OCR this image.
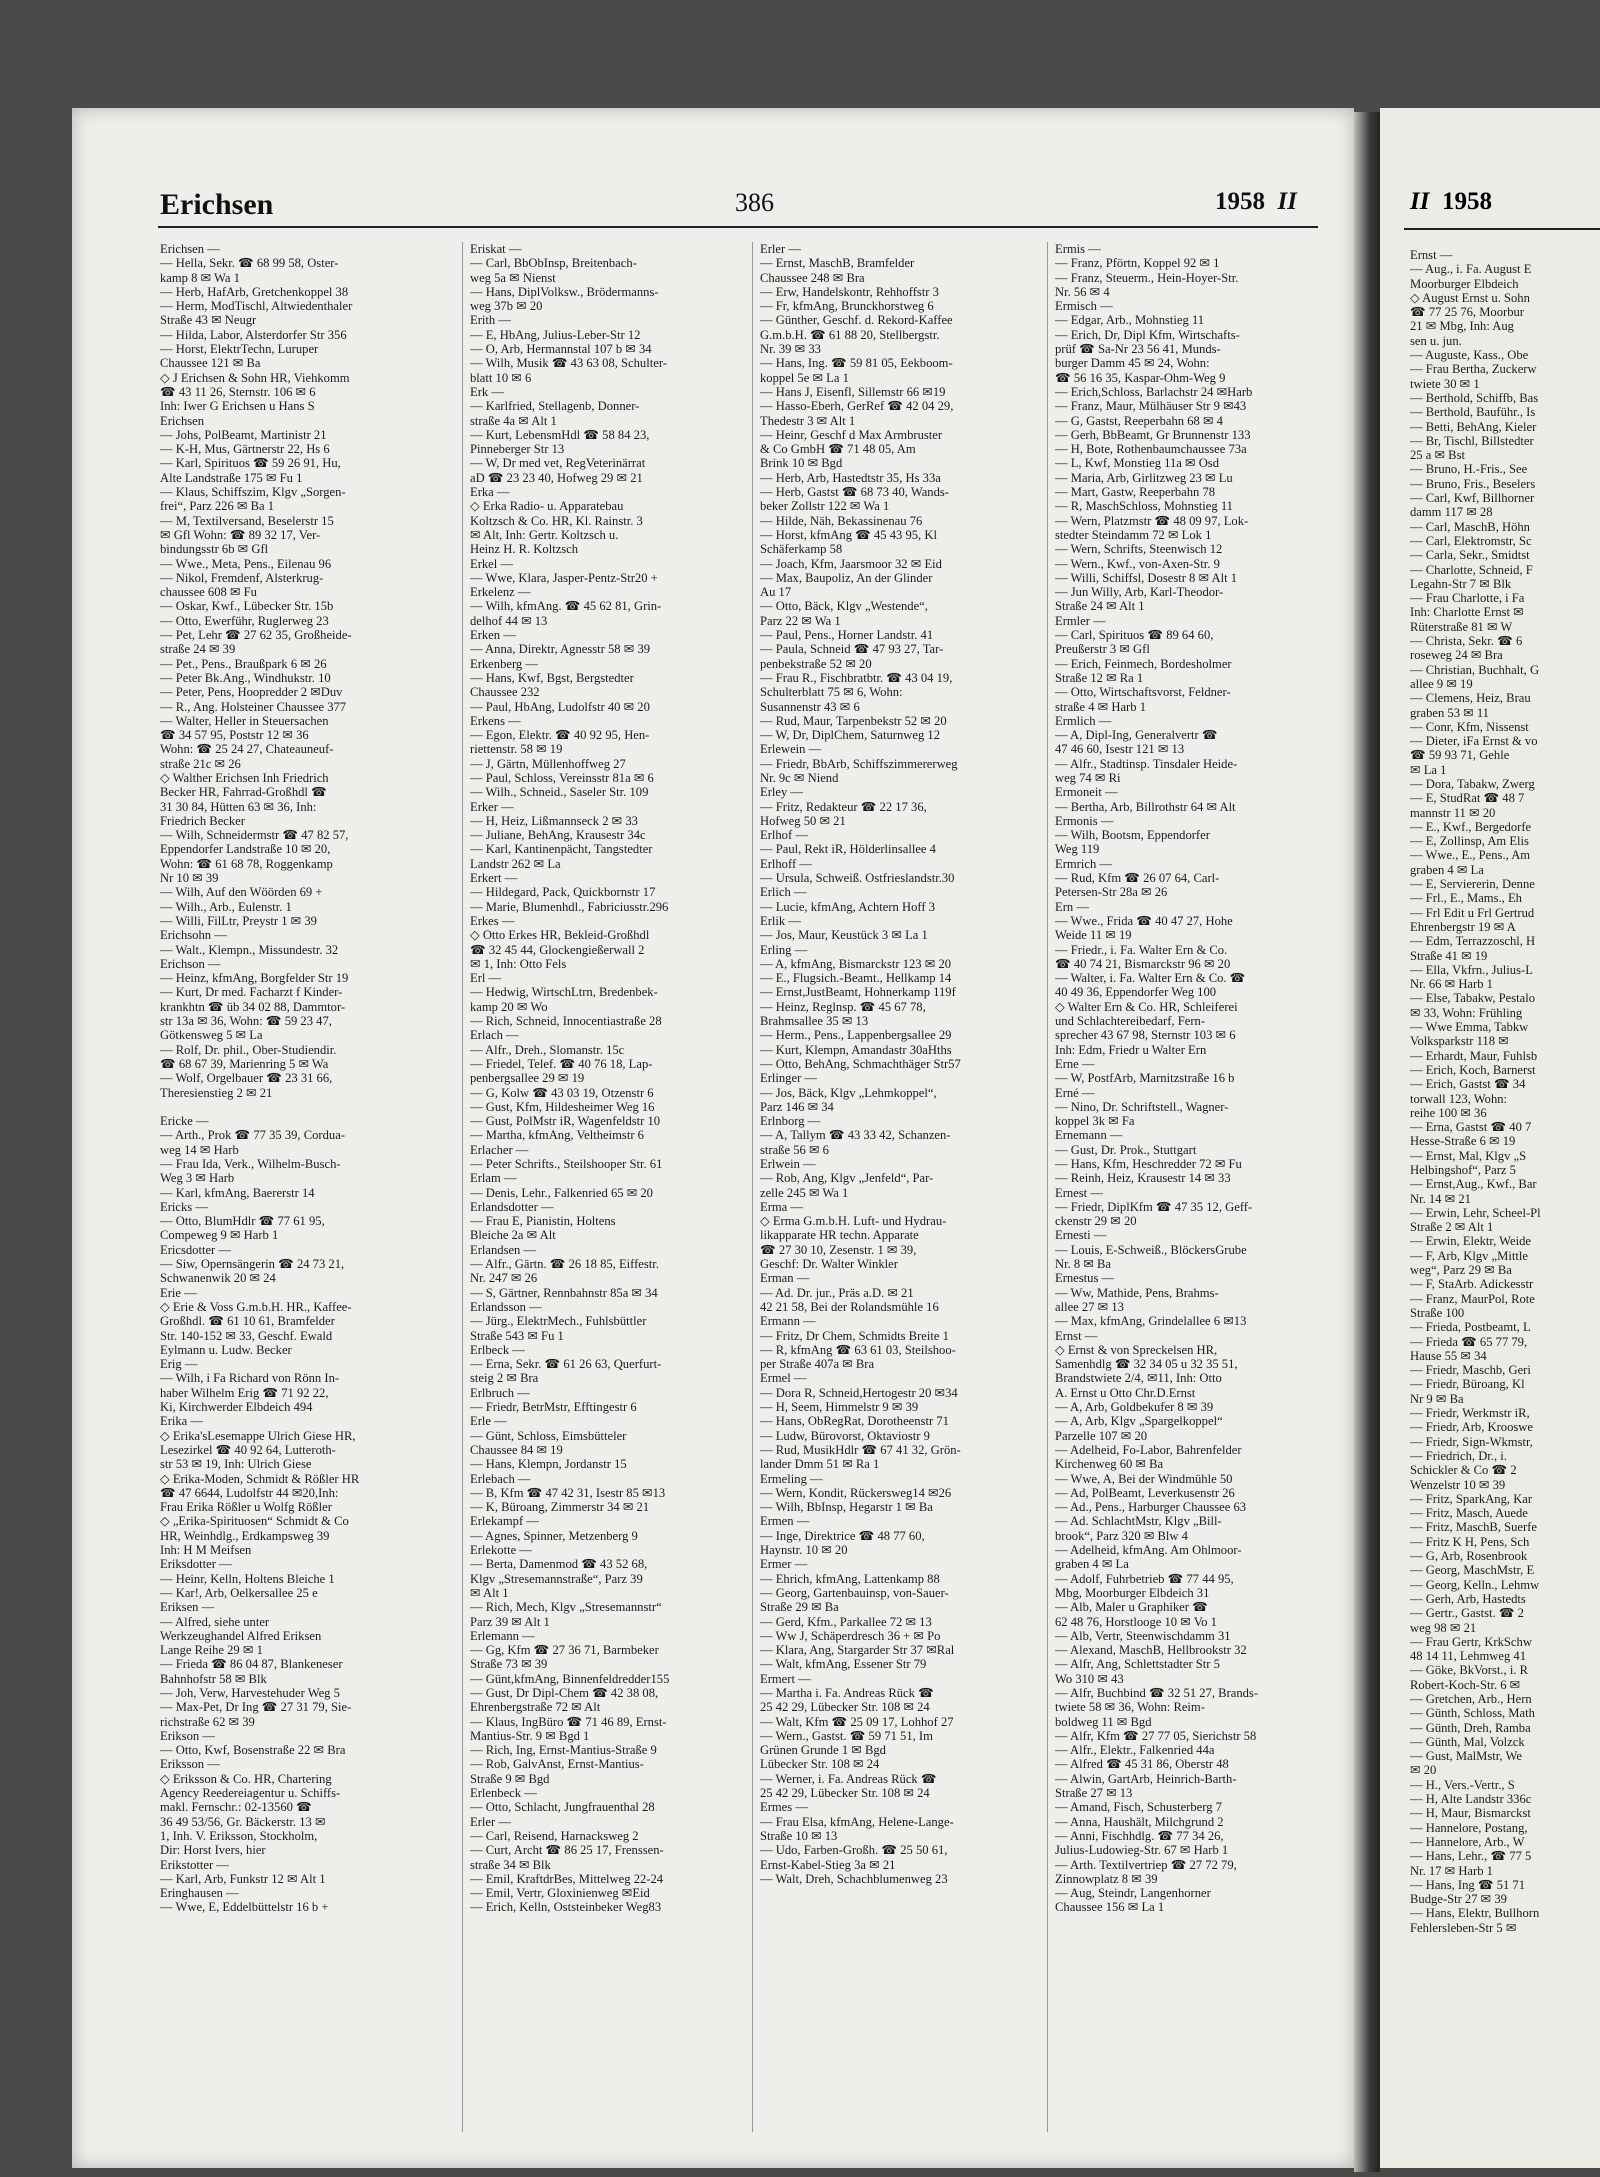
II 1958
Ernst —
— Aug., i. Fa. August E
Moorburger Elbdeich
◇ August Ernst u. Sohn
☎ 77 25 76, Moorbur
21 ✉ Mbg, Inh: Aug
sen u. jun.
— Auguste, Kass., Obe
— Frau Bertha, Zuckerw
twiete 30 ✉ 1
— Berthold, Schiffb, Bas
— Berthold, Bauführ., Is
— Betti, BehAng, Kieler
— Br, Tischl, Billstedter
25 a ✉ Bst
— Bruno, H.-Fris., See
— Bruno, Fris., Beselers
— Carl, Kwf, Billhorner
damm 117 ✉ 28
— Carl, MaschB, Höhn
— Carl, Elektromstr, Sc
— Carla, Sekr., Smidtst
— Charlotte, Schneid, F
Legahn-Str 7 ✉ Blk
— Frau Charlotte, i Fa
Inh: Charlotte Ernst ✉
Rüterstraße 81 ✉ W
— Christa, Sekr. ☎ 6
roseweg 24 ✉ Bra
— Christian, Buchhalt, G
allee 9 ✉ 19
— Clemens, Heiz, Brau
graben 53 ✉ 11
— Conr, Kfm, Nissenst
— Dieter, iFa Ernst & vo
☎ 59 93 71, Gehle
✉ La 1
— Dora, Tabakw, Zwerg
— E, StudRat ☎ 48 7
mannstr 11 ✉ 20
— E., Kwf., Bergedorfe
— E, Zollinsp, Am Elis
— Wwe., E., Pens., Am
graben 4 ✉ La
— E, Serviererin, Denne
— Frl., E., Mams., Eh
— Frl Edit u Frl Gertrud
Ehrenbergstr 19 ✉ A
— Edm, Terrazzoschl, H
Straße 41 ✉ 19
— Ella, Vkfrn., Julius-L
Nr. 66 ✉ Harb 1
— Else, Tabakw, Pestalo
✉ 33, Wohn: Frühling
— Wwe Emma, Tabkw
Volksparkstr 118 ✉
— Erhardt, Maur, Fuhlsb
— Erich, Koch, Barnerst
— Erich, Gastst ☎ 34
torwall 123, Wohn:
reihe 100 ✉ 36
— Erna, Gastst ☎ 40 7
Hesse-Straße 6 ✉ 19
— Ernst, Mal, Klgv „S
Helbingshof“, Parz 5
— Ernst,Aug., Kwf., Bar
Nr. 14 ✉ 21
— Erwin, Lehr, Scheel-Pl
Straße 2 ✉ Alt 1
— Erwin, Elektr, Weide
— F, Arb, Klgv „Mittle
weg“, Parz 29 ✉ Ba
— F, StaArb. Adickesstr
— Franz, MaurPol, Rote
Straße 100
— Frieda, Postbeamt, L
— Frieda ☎ 65 77 79,
Hause 55 ✉ 34
— Friedr, Maschb, Geri
— Friedr, Büroang, Kl
Nr 9 ✉ Ba
— Friedr, Werkmstr iR,
— Friedr, Arb, Krooswe
— Friedr, Sign-Wkmstr,
— Friedrich, Dr., i.
Schickler & Co ☎ 2
Wenzelstr 10 ✉ 39
— Fritz, SparkAng, Kar
— Fritz, Masch, Auede
— Fritz, MaschB, Suerfe
— Fritz K H, Pens, Sch
— G, Arb, Rosenbrook
— Georg, MaschMstr, E
— Georg, Kelln., Lehmw
— Gerh, Arb, Hastedts
— Gertr., Gastst. ☎ 2
weg 98 ✉ 21
— Frau Gertr, KrkSchw
48 14 11, Lehmweg 41
— Göke, BkVorst., i. R
Robert-Koch-Str. 6 ✉
— Gretchen, Arb., Hern
— Günth, Schloss, Math
— Günth, Dreh, Ramba
— Günth, Mal, Volzck
— Gust, MalMstr, We
✉ 20
— H., Vers.-Vertr., S
— H, Alte Landstr 336c
— H, Maur, Bismarckst
— Hannelore, Postang,
— Hannelore, Arb., W
— Hans, Lehr., ☎ 77 5
Nr. 17 ✉ Harb 1
— Hans, Ing ☎ 51 71
Budge-Str 27 ✉ 39
— Hans, Elektr, Bullhorn
Fehlersleben-Str 5 ✉
Erichsen	386	1958 II
Erichsen —
— Hella, Sekr. ☎ 68 99 58, Oster-
kamp 8 ✉ Wa 1
— Herb, HafArb, Gretchenkoppel 38
— Herm, ModTischl, Altwiedenthaler
Straße 43 ✉ Neugr
— Hilda, Labor, Alsterdorfer Str 356
— Horst, ElektrTechn, Luruper
Chaussee 121 ✉ Ba
◇ J Erichsen & Sohn HR, Viehkomm
☎ 43 11 26, Sternstr. 106 ✉ 6
Inh: Iwer G Erichsen u Hans S
Erichsen
— Johs, PolBeamt, Martinistr 21
— K-H, Mus, Gärtnerstr 22, Hs 6
— Karl, Spirituos ☎ 59 26 91, Hu,
Alte Landstraße 175 ✉ Fu 1
— Klaus, Schiffszim, Klgv „Sorgen-
frei“, Parz 226 ✉ Ba 1
— M, Textilversand, Beselerstr 15
✉ Gfl Wohn: ☎ 89 32 17, Ver-
bindungsstr 6b ✉ Gfl
— Wwe., Meta, Pens., Eilenau 96
— Nikol, Fremdenf, Alsterkrug-
chaussee 608 ✉ Fu
— Oskar, Kwf., Lübecker Str. 15b
— Otto, Ewerführ, Ruglerweg 23
— Pet, Lehr ☎ 27 62 35, Großheide-
straße 24 ✉ 39
— Pet., Pens., Braußpark 6 ✉ 26
— Peter Bk.Ang., Windhukstr. 10
— Peter, Pens, Hoopredder 2 ✉Duv
— R., Ang. Holsteiner Chaussee 377
— Walter, Heller in Steuersachen
☎ 34 57 95, Poststr 12 ✉ 36
Wohn: ☎ 25 24 27, Chateauneuf-
straße 21c ✉ 26
◇ Walther Erichsen Inh Friedrich
Becker HR, Fahrrad-Großhdl ☎
31 30 84, Hütten 63 ✉ 36, Inh:
Friedrich Becker
— Wilh, Schneidermstr ☎ 47 82 57,
Eppendorfer Landstraße 10 ✉ 20,
Wohn: ☎ 61 68 78, Roggenkamp
Nr 10 ✉ 39
— Wilh, Auf den Wöörden 69 +
— Wilh., Arb., Eulenstr. 1
— Willi, FilLtr, Preystr 1 ✉ 39
Erichsohn —
— Walt., Klempn., Missundestr. 32
Erichson —
— Heinz, kfmAng, Borgfelder Str 19
— Kurt, Dr med. Facharzt f Kinder-
krankhtn ☎ üb 34 02 88, Dammtor-
str 13a ✉ 36, Wohn: ☎ 59 23 47,
Götkensweg 5 ✉ La
— Rolf, Dr. phil., Ober-Studiendir.
☎ 68 67 39, Marienring 5 ✉ Wa
— Wolf, Orgelbauer ☎ 23 31 66,
Theresienstieg 2 ✉ 21

Ericke —
— Arth., Prok ☎ 77 35 39, Cordua-
weg 14 ✉ Harb
— Frau Ida, Verk., Wilhelm-Busch-
Weg 3 ✉ Harb
— Karl, kfmAng, Baererstr 14
Ericks —
— Otto, BlumHdlr ☎ 77 61 95,
Compeweg 9 ✉ Harb 1
Ericsdotter —
— Siw, Opernsängerin ☎ 24 73 21,
Schwanenwik 20 ✉ 24
Erie —
◇ Erie & Voss G.m.b.H. HR., Kaffee-
Großhdl. ☎ 61 10 61, Bramfelder
Str. 140-152 ✉ 33, Geschf. Ewald
Eylmann u. Ludw. Becker
Erig —
— Wilh, i Fa Richard von Rönn In-
haber Wilhelm Erig ☎ 71 92 22,
Ki, Kirchwerder Elbdeich 494
Erika —
◇ Erika'sLesemappe Ulrich Giese HR,
Lesezirkel ☎ 40 92 64, Lutteroth-
str 53 ✉ 19, Inh: Ulrich Giese
◇ Erika-Moden, Schmidt & Rößler HR
☎ 47 6644, Ludolfstr 44 ✉20,Inh:
Frau Erika Rößler u Wolfg Rößler
◇ „Erika-Spirituosen“ Schmidt & Co
HR, Weinhdlg., Erdkampsweg 39
Inh: H M Meifsen
Eriksdotter —
— Heinr, Kelln, Holtens Bleiche 1
— Kar!, Arb, Oelkersallee 25 e
Eriksen —
— Alfred, siehe unter
Werkzeughandel Alfred Eriksen
Lange Reihe 29 ✉ 1
— Frieda ☎ 86 04 87, Blankeneser
Bahnhofstr 58 ✉ Blk
— Joh, Verw, Harvestehuder Weg 5
— Max-Pet, Dr Ing ☎ 27 31 79, Sie-
richstraße 62 ✉ 39
Erikson —
— Otto, Kwf, Bosenstraße 22 ✉ Bra
Eriksson —
◇ Eriksson & Co. HR, Chartering
Agency Reedereiagentur u. Schiffs-
makl. Fernschr.: 02-13560 ☎
36 49 53/56, Gr. Bäckerstr. 13 ✉
1, Inh. V. Eriksson, Stockholm,
Dir: Horst Ivers, hier
Erikstotter —
— Karl, Arb, Funkstr 12 ✉ Alt 1
Eringhausen —
— Wwe, E, Eddelbüttelstr 16 b +
Eriskat —
— Carl, BbObInsp, Breitenbach-
weg 5a ✉ Nienst
— Hans, DiplVolksw., Brödermanns-
weg 37b ✉ 20
Erith —
— E, HbAng, Julius-Leber-Str 12
— O, Arb, Hermannstal 107 b ✉ 34
— Wilh, Musik ☎ 43 63 08, Schulter-
blatt 10 ✉ 6
Erk —
— Karlfried, Stellagenb, Donner-
straße 4a ✉ Alt 1
— Kurt, LebensmHdl ☎ 58 84 23,
Pinneberger Str 13
— W, Dr med vet, RegVeterinärrat
aD ☎ 23 23 40, Hofweg 29 ✉ 21
Erka —
◇ Erka Radio- u. Apparatebau
Koltzsch & Co. HR, Kl. Rainstr. 3
✉ Alt, Inh: Gertr. Koltzsch u.
Heinz H. R. Koltzsch
Erkel —
— Wwe, Klara, Jasper-Pentz-Str20 +
Erkelenz —
— Wilh, kfmAng. ☎ 45 62 81, Grin-
delhof 44 ✉ 13
Erken —
— Anna, Direktr, Agnesstr 58 ✉ 39
Erkenberg —
— Hans, Kwf, Bgst, Bergstedter
Chaussee 232
— Paul, HbAng, Ludolfstr 40 ✉ 20
Erkens —
— Egon, Elektr. ☎ 40 92 95, Hen-
riettenstr. 58 ✉ 19
— J, Gärtn, Müllenhoffweg 27
— Paul, Schloss, Vereinsstr 81a ✉ 6
— Wilh., Schneid., Saseler Str. 109
Erker —
— H, Heiz, Lißmannseck 2 ✉ 33
— Juliane, BehAng, Krausestr 34c
— Karl, Kantinenpächt, Tangstedter
Landstr 262 ✉ La
Erkert —
— Hildegard, Pack, Quickbornstr 17
— Marie, Blumenhdl., Fabriciusstr.296
Erkes —
◇ Otto Erkes HR, Bekleid-Großhdl
☎ 32 45 44, Glockengießerwall 2
✉ 1, Inh: Otto Fels
Erl —
— Hedwig, WirtschLtrn, Bredenbek-
kamp 20 ✉ Wo
— Rich, Schneid, Innocentiastraße 28
Erlach —
— Alfr., Dreh., Slomanstr. 15c
— Friedel, Telef. ☎ 40 76 18, Lap-
penbergsallee 29 ✉ 19
— G, Kolw ☎ 43 03 19, Otzenstr 6
— Gust, Kfm, Hildesheimer Weg 16
— Gust, PolMstr iR, Wagenfeldstr 10
— Martha, kfmAng, Veltheimstr 6
Erlacher —
— Peter Schrifts., Steilshooper Str. 61
Erlam —
— Denis, Lehr., Falkenried 65 ✉ 20
Erlandsdotter —
— Frau E, Pianistin, Holtens
Bleiche 2a ✉ Alt
Erlandsen —
— Alfr., Gärtn. ☎ 26 18 85, Eiffestr.
Nr. 247 ✉ 26
— S, Gärtner, Rennbahnstr 85a ✉ 34
Erlandsson —
— Jürg., ElektrMech., Fuhlsbüttler
Straße 543 ✉ Fu 1
Erlbeck —
— Erna, Sekr. ☎ 61 26 63, Querfurt-
steig 2 ✉ Bra
Erlbruch —
— Friedr, BetrMstr, Efftingestr 6
Erle —
— Günt, Schloss, Eimsbütteler
Chaussee 84 ✉ 19
— Hans, Klempn, Jordanstr 15
Erlebach —
— B, Kfm ☎ 47 42 31, Isestr 85 ✉13
— K, Büroang, Zimmerstr 34 ✉ 21
Erlekampf —
— Agnes, Spinner, Metzenberg 9
Erlekotte —
— Berta, Damenmod ☎ 43 52 68,
Klgv „Stresemannstraße“, Parz 39
✉ Alt 1
— Rich, Mech, Klgv „Stresemannstr“
Parz 39 ✉ Alt 1
Erlemann —
— Gg, Kfm ☎ 27 36 71, Barmbeker
Straße 73 ✉ 39
— Günt,kfmAng, Binnenfeldredder155
— Gust, Dr Dipl-Chem ☎ 42 38 08,
Ehrenbergstraße 72 ✉ Alt
— Klaus, IngBüro ☎ 71 46 89, Ernst-
Mantius-Str. 9 ✉ Bgd 1
— Rich, Ing, Ernst-Mantius-Straße 9
— Rob, GalvAnst, Ernst-Mantius-
Straße 9 ✉ Bgd
Erlenbeck —
— Otto, Schlacht, Jungfrauenthal 28
Erler —
— Carl, Reisend, Harnacksweg 2
— Curt, Archt ☎ 86 25 17, Frenssen-
straße 34 ✉ Blk
— Emil, KraftdrBes, Mittelweg 22-24
— Emil, Vertr, Gloxinienweg ✉Eid
— Erich, Kelln, Oststeinbeker Weg83
Erler —
— Ernst, MaschB, Bramfelder
Chaussee 248 ✉ Bra
— Erw, Handelskontr, Rehhoffstr 3
— Fr, kfmAng, Brunckhorstweg 6
— Günther, Geschf. d. Rekord-Kaffee
G.m.b.H. ☎ 61 88 20, Stellbergstr.
Nr. 39 ✉ 33
— Hans, Ing. ☎ 59 81 05, Eekboom-
koppel 5e ✉ La 1
— Hans J, Eisenfl, Sillemstr 66 ✉19
— Hasso-Eberh, GerRef ☎ 42 04 29,
Thedestr 3 ✉ Alt 1
— Heinr, Geschf d Max Armbruster
& Co GmbH ☎ 71 48 05, Am
Brink 10 ✉ Bgd
— Herb, Arb, Hastedtstr 35, Hs 33a
— Herb, Gastst ☎ 68 73 40, Wands-
beker Zollstr 122 ✉ Wa 1
— Hilde, Näh, Bekassinenau 76
— Horst, kfmAng ☎ 45 43 95, Kl
Schäferkamp 58
— Joach, Kfm, Jaarsmoor 32 ✉ Eid
— Max, Baupoliz, An der Glinder
Au 17
— Otto, Bäck, Klgv „Westende“,
Parz 22 ✉ Wa 1
— Paul, Pens., Horner Landstr. 41
— Paula, Schneid ☎ 47 93 27, Tar-
penbekstraße 52 ✉ 20
— Frau R., Fischbratbtr. ☎ 43 04 19,
Schulterblatt 75 ✉ 6, Wohn:
Susannenstr 43 ✉ 6
— Rud, Maur, Tarpenbekstr 52 ✉ 20
— W, Dr, DiplChem, Saturnweg 12
Erlewein —
— Friedr, BbArb, Schiffszimmererweg
Nr. 9c ✉ Niend
Erley —
— Fritz, Redakteur ☎ 22 17 36,
Hofweg 50 ✉ 21
Erlhof —
— Paul, Rekt iR, Hölderlinsallee 4
Erlhoff —
— Ursula, Schweiß. Ostfrieslandstr.30
Erlich —
— Lucie, kfmAng, Achtern Hoff 3
Erlik —
— Jos, Maur, Keustück 3 ✉ La 1
Erling —
— A, kfmAng, Bismarckstr 123 ✉ 20
— E., Flugsich.-Beamt., Hellkamp 14
— Ernst,JustBeamt, Hohnerkamp 119f
— Heinz, Reglnsp. ☎ 45 67 78,
Brahmsallee 35 ✉ 13
— Herm., Pens., Lappenbergsallee 29
— Kurt, Klempn, Amandastr 30aHths
— Otto, BehAng, Schmachthäger Str57
Erlinger —
— Jos, Bäck, Klgv „Lehmkoppel“,
Parz 146 ✉ 34
Erlnborg —
— A, Tallym ☎ 43 33 42, Schanzen-
straße 56 ✉ 6
Erlwein —
— Rob, Ang, Klgv „Jenfeld“, Par-
zelle 245 ✉ Wa 1
Erma —
◇ Erma G.m.b.H. Luft- und Hydrau-
likapparate HR techn. Apparate
☎ 27 30 10, Zesenstr. 1 ✉ 39,
Geschf: Dr. Walter Winkler
Erman —
— Ad. Dr. jur., Präs a.D. ✉ 21
42 21 58, Bei der Rolandsmühle 16
Ermann —
— Fritz, Dr Chem, Schmidts Breite 1
— R, kfmAng ☎ 63 61 03, Steilshoo-
per Straße 407a ✉ Bra
Ermel —
— Dora R, Schneid,Hertogestr 20 ✉34
— H, Seem, Himmelstr 9 ✉ 39
— Hans, ObRegRat, Dorotheenstr 71
— Ludw, Bürovorst, Oktaviostr 9
— Rud, MusikHdlr ☎ 67 41 32, Grön-
lander Dmm 51 ✉ Ra 1
Ermeling —
— Wern, Kondit, Rückersweg14 ✉26
— Wilh, BbInsp, Hegarstr 1 ✉ Ba
Ermen —
— Inge, Direktrice ☎ 48 77 60,
Haynstr. 10 ✉ 20
Ermer —
— Ehrich, kfmAng, Lattenkamp 88
— Georg, Gartenbauinsp, von-Sauer-
Straße 29 ✉ Ba
— Gerd, Kfm., Parkallee 72 ✉ 13
— Ww J, Schäperdresch 36 + ✉ Po
— Klara, Ang, Stargarder Str 37 ✉Ral
— Walt, kfmAng, Essener Str 79
Ermert —
— Martha i. Fa. Andreas Rück ☎
25 42 29, Lübecker Str. 108 ✉ 24
— Walt, Kfm ☎ 25 09 17, Lohhof 27
— Wern., Gastst. ☎ 59 71 51, Im
Grünen Grunde 1 ✉ Bgd
Lübecker Str. 108 ✉ 24
— Werner, i. Fa. Andreas Rück ☎
25 42 29, Lübecker Str. 108 ✉ 24
Ermes —
— Frau Elsa, kfmAng, Helene-Lange-
Straße 10 ✉ 13
— Udo, Farben-Großh. ☎ 25 50 61,
Ernst-Kabel-Stieg 3a ✉ 21
— Walt, Dreh, Schachblumenweg 23
Ermis —
— Franz, Pförtn, Koppel 92 ✉ 1
— Franz, Steuerm., Hein-Hoyer-Str.
Nr. 56 ✉ 4
Ermisch —
— Edgar, Arb., Mohnstieg 11
— Erich, Dr, Dipl Kfm, Wirtschafts-
prüf ☎ Sa-Nr 23 56 41, Munds-
burger Damm 45 ✉ 24, Wohn:
☎ 56 16 35, Kaspar-Ohm-Weg 9
— Erich,Schloss, Barlachstr 24 ✉Harb
— Franz, Maur, Mülhäuser Str 9 ✉43
— G, Gastst, Reeperbahn 68 ✉ 4
— Gerh, BbBeamt, Gr Brunnenstr 133
— H, Bote, Rothenbaumchaussee 73a
— L, Kwf, Monstieg 11a ✉ Osd
— Maria, Arb, Girlitzweg 23 ✉ Lu
— Mart, Gastw, Reeperbahn 78
— R, MaschSchloss, Mohnstieg 11
— Wern, Platzmstr ☎ 48 09 97, Lok-
stedter Steindamm 72 ✉ Lok 1
— Wern, Schrifts, Steenwisch 12
— Wern., Kwf., von-Axen-Str. 9
— Willi, Schiffsl, Dosestr 8 ✉ Alt 1
— Jun Willy, Arb, Karl-Theodor-
Straße 24 ✉ Alt 1
Ermler —
— Carl, Spirituos ☎ 89 64 60,
Preußerstr 3 ✉ Gfl
— Erich, Feinmech, Bordesholmer
Straße 12 ✉ Ra 1
— Otto, Wirtschaftsvorst, Feldner-
straße 4 ✉ Harb 1
Ermlich —
— A, Dipl-Ing, Generalvertr ☎
47 46 60, Isestr 121 ✉ 13
— Alfr., Stadtinsp. Tinsdaler Heide-
weg 74 ✉ Ri
Ermoneit —
— Bertha, Arb, Billrothstr 64 ✉ Alt
Ermonis —
— Wilh, Bootsm, Eppendorfer
Weg 119
Ermrich —
— Rud, Kfm ☎ 26 07 64, Carl-
Petersen-Str 28a ✉ 26
Ern —
— Wwe., Frida ☎ 40 47 27, Hohe
Weide 11 ✉ 19
— Friedr., i. Fa. Walter Ern & Co.
☎ 40 74 21, Bismarckstr 96 ✉ 20
— Walter, i. Fa. Walter Ern & Co. ☎
40 49 36, Eppendorfer Weg 100
◇ Walter Ern & Co. HR, Schleiferei
und Schlachtereibedarf, Fern-
sprecher 43 67 98, Sternstr 103 ✉ 6
Inh: Edm, Friedr u Walter Ern
Erne —
— W, PostfArb, Marnitzstraße 16 b
Erné —
— Nino, Dr. Schriftstell., Wagner-
koppel 3k ✉ Fa
Ernemann —
— Gust, Dr. Prok., Stuttgart
— Hans, Kfm, Heschredder 72 ✉ Fu
— Reinh, Heiz, Krausestr 14 ✉ 33
Ernest —
— Friedr, DiplKfm ☎ 47 35 12, Geff-
ckenstr 29 ✉ 20
Ernesti —
— Louis, E-Schweiß., BlöckersGrube
Nr. 8 ✉ Ba
Ernestus —
— Ww, Mathide, Pens, Brahms-
allee 27 ✉ 13
— Max, kfmAng, Grindelallee 6 ✉13
Ernst —
◇ Ernst & von Spreckelsen HR,
Samenhdlg ☎ 32 34 05 u 32 35 51,
Brandstwiete 2/4, ✉11, Inh: Otto
A. Ernst u Otto Chr.D.Ernst
— A, Arb, Goldbekufer 8 ✉ 39
— A, Arb, Klgv „Spargelkoppel“
Parzelle 107 ✉ 20
— Adelheid, Fo-Labor, Bahrenfelder
Kirchenweg 60 ✉ Ba
— Wwe, A, Bei der Windmühle 50
— Ad, PolBeamt, Leverkusenstr 26
— Ad., Pens., Harburger Chaussee 63
— Ad. SchlachtMstr, Klgv „Bill-
brook“, Parz 320 ✉ Blw 4
— Adelheid, kfmAng. Am Ohlmoor-
graben 4 ✉ La
— Adolf, Fuhrbetrieb ☎ 77 44 95,
Mbg, Moorburger Elbdeich 31
— Alb, Maler u Graphiker ☎
62 48 76, Horstlooge 10 ✉ Vo 1
— Alb, Vertr, Steenwischdamm 31
— Alexand, MaschB, Hellbrookstr 32
— Alfr, Ang, Schlettstadter Str 5
Wo 310 ✉ 43
— Alfr, Buchbind ☎ 32 51 27, Brands-
twiete 58 ✉ 36, Wohn: Reim-
boldweg 11 ✉ Bgd
— Alfr, Kfm ☎ 27 77 05, Sierichstr 58
— Alfr., Elektr., Falkenried 44a
— Alfred ☎ 45 31 86, Oberstr 48
— Alwin, GartArb, Heinrich-Barth-
Straße 27 ✉ 13
— Amand, Fisch, Schusterberg 7
— Anna, Haushält, Milchgrund 2
— Anni, Fischhdlg. ☎ 77 34 26,
Julius-Ludowieg-Str. 67 ✉ Harb 1
— Arth. Textilvertriep ☎ 27 72 79,
Zinnowplatz 8 ✉ 39
— Aug, Steindr, Langenhorner
Chaussee 156 ✉ La 1
